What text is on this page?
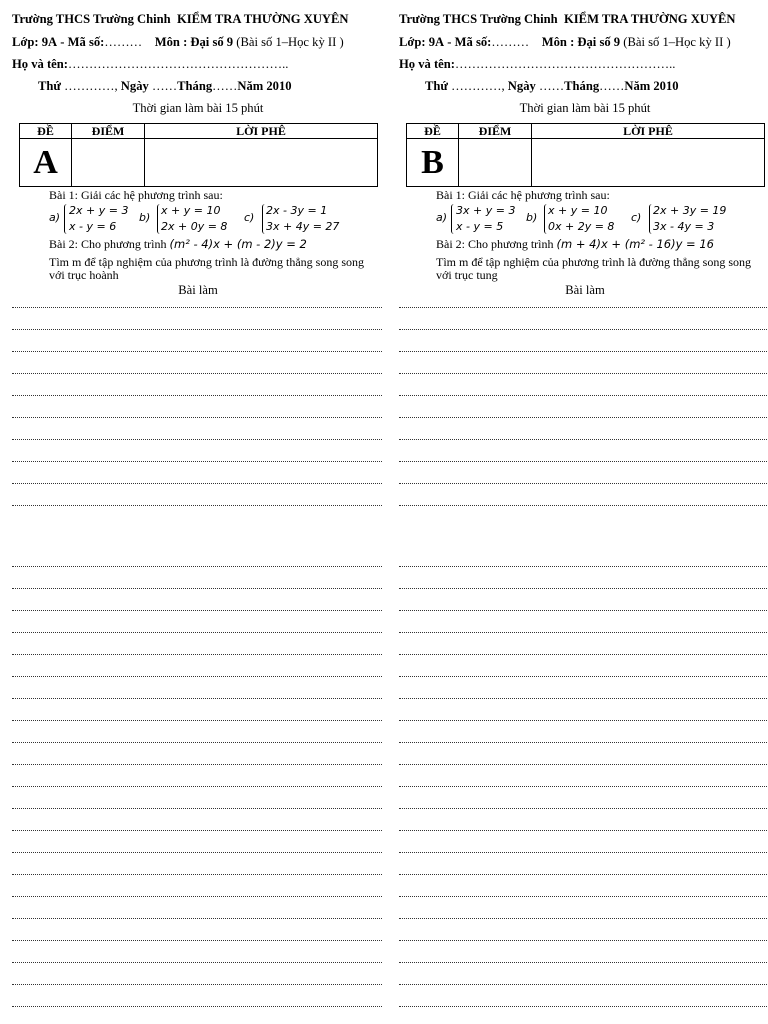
Trường THCS Trường Chinh KIỂM TRA THƯỜNG XUYÊN
Lớp: 9A - Mã số:……… Môn : Đại số 9 (Bài số 1–Học kỳ II )
Họ và tên:……………………………………………..
Thứ …………, Ngày ……Tháng……Năm 2010
Thời gian làm bài 15 phút
ĐỀ	ĐIỂM	LỜI PHÊ
A		
Bài 1: Giải các hệ phương trình sau:
a)
2x + y = 3
x - y = 6
b)
x + y = 10
2x + 0y = 8
c)
2x - 3y = 1
3x + 4y = 27
Bài 2: Cho phương trình (m² - 4)x + (m - 2)y = 2
Tìm m để tập nghiệm của phương trình là đường thẳng song song
với trục hoành
Bài làm
Trường THCS Trường Chinh KIỂM TRA THƯỜNG XUYÊN
Lớp: 9A - Mã số:……… Môn : Đại số 9 (Bài số 1–Học kỳ II )
Họ và tên:……………………………………………..
Thứ …………, Ngày ……Tháng……Năm 2010
Thời gian làm bài 15 phút
ĐỀ	ĐIỂM	LỜI PHÊ
B		
Bài 1: Giải các hệ phương trình sau:
a)
3x + y = 3
x - y = 5
b)
x + y = 10
0x + 2y = 8
c)
2x + 3y = 19
3x - 4y = 3
Bài 2: Cho phương trình (m + 4)x + (m² - 16)y = 16
Tìm m để tập nghiệm của phương trình là đường thẳng song song
với trục tung
Bài làm
